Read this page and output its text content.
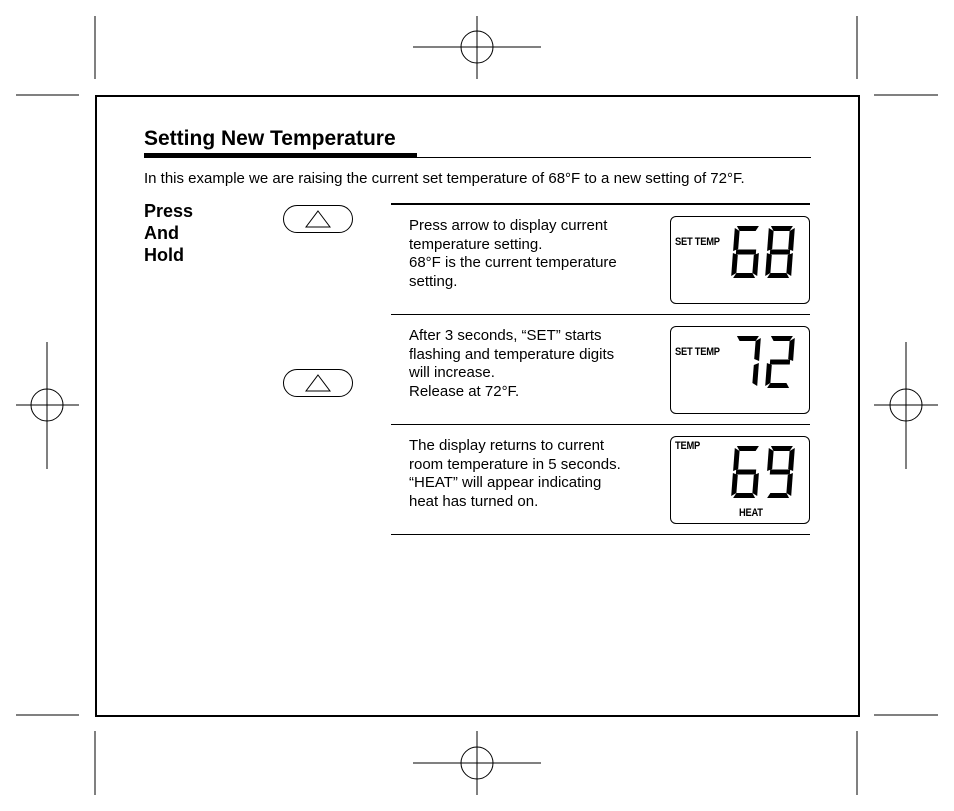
Setting New Temperature
In this example we are raising the current set temperature of 68°F to a new setting of 72°F.
Press
And
Hold
Press arrow to display current
temperature setting.
68°F is the current temperature
setting.
SET TEMP
After 3 seconds, “SET” starts
flashing and temperature digits
will increase.
Release at 72°F.
SET TEMP
The display returns to current
room temperature in 5 seconds.
“HEAT” will appear indicating
heat has turned on.
TEMP
HEAT
